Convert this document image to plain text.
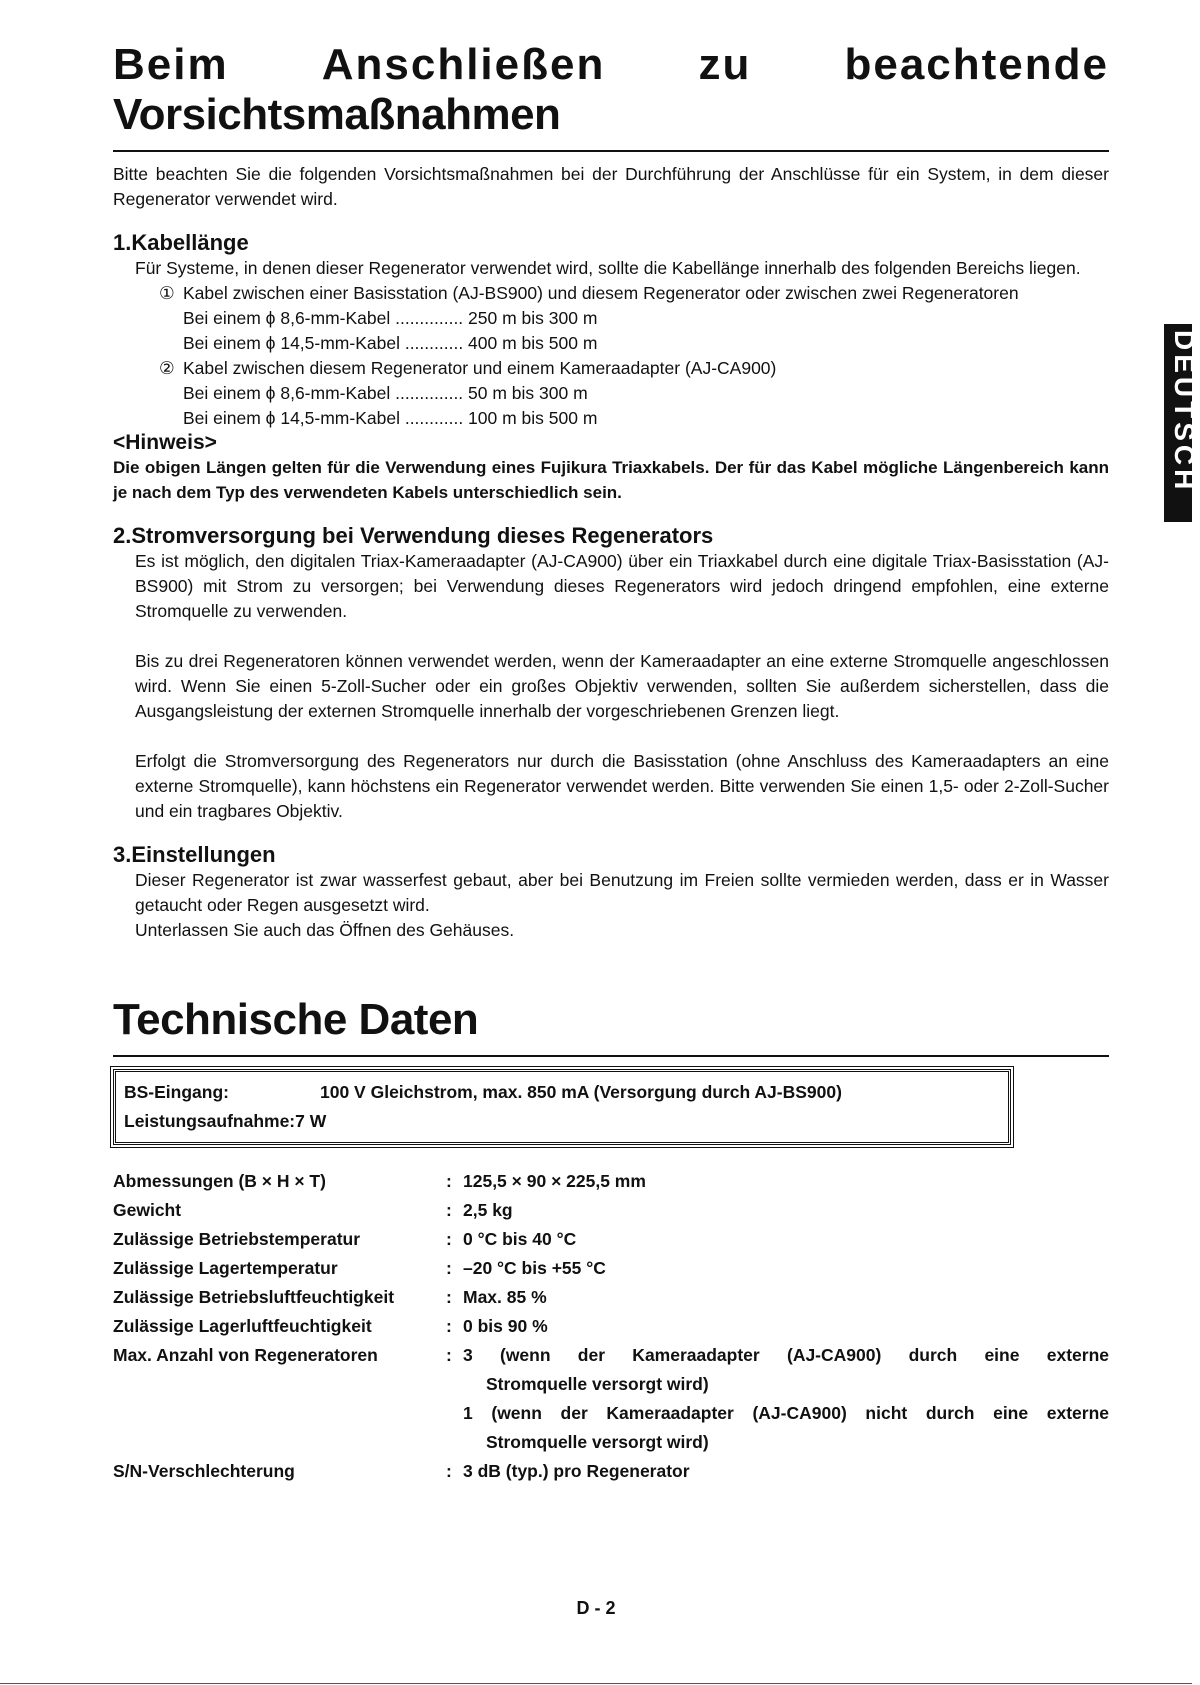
Beim Anschließen zu beachtende
Vorsichtsmaßnahmen

Bitte beachten Sie die folgenden Vorsichtsmaßnahmen bei der Durchführung der Anschlüsse für ein System, in dem dieser Regenerator verwendet wird.

1.Kabellänge

Für Systeme, in denen dieser Regenerator verwendet wird, sollte die Kabellänge innerhalb des folgenden Bereichs liegen.

① Kabel zwischen einer Basisstation (AJ-BS900) und diesem Regenerator oder zwischen zwei Regeneratoren
Bei einem ϕ 8,6-mm-Kabel .............. 250 m bis 300 m
Bei einem ϕ 14,5-mm-Kabel ............ 400 m bis 500 m
② Kabel zwischen diesem Regenerator und einem Kameraadapter (AJ-CA900)
Bei einem ϕ 8,6-mm-Kabel .............. 50 m bis 300 m
Bei einem ϕ 14,5-mm-Kabel ............ 100 m bis 500 m
<Hinweis>
Die obigen Längen gelten für die Verwendung eines Fujikura Triaxkabels. Der für das Kabel mögliche Längenbereich kann je nach dem Typ des verwendeten Kabels unterschiedlich sein.
2.Stromversorgung bei Verwendung dieses Regenerators

Es ist möglich, den digitalen Triax-Kameraadapter (AJ-CA900) über ein Triaxkabel durch eine digitale Triax-Basisstation (AJ-BS900) mit Strom zu versorgen; bei Verwendung dieses Regenerators wird jedoch dringend empfohlen, eine externe Stromquelle zu verwenden.

Bis zu drei Regeneratoren können verwendet werden, wenn der Kameraadapter an eine externe Stromquelle angeschlossen wird. Wenn Sie einen 5-Zoll-Sucher oder ein großes Objektiv verwenden, sollten Sie außerdem sicherstellen, dass die Ausgangsleistung der externen Stromquelle innerhalb der vorgeschriebenen Grenzen liegt.

Erfolgt die Stromversorgung des Regenerators nur durch die Basisstation (ohne Anschluss des Kameraadapters an eine externe Stromquelle), kann höchstens ein Regenerator verwendet werden. Bitte verwenden Sie einen 1,5- oder 2-Zoll-Sucher und ein tragbares Objektiv.

3.Einstellungen

Dieser Regenerator ist zwar wasserfest gebaut, aber bei Benutzung im Freien sollte vermieden werden, dass er in Wasser getaucht oder Regen ausgesetzt wird.

Unterlassen Sie auch das Öffnen des Gehäuses.

Technische Daten
BS-Eingang:	100 V Gleichstrom, max. 850 mA (Versorgung durch AJ-BS900)
Leistungsaufnahme: 7 W
Abmessungen (B × H × T)	: 125,5 × 90 × 225,5 mm
Gewicht	: 2,5 kg
Zulässige Betriebstemperatur	: 0 °C bis 40 °C
Zulässige Lagertemperatur	: –20 °C bis +55 °C
Zulässige Betriebsluftfeuchtigkeit	: Max. 85 %
Zulässige Lagerluftfeuchtigkeit	: 0 bis 90 %
Max. Anzahl von Regeneratoren	: 3 (wenn der Kameraadapter (AJ-CA900) durch eine externe
Stromquelle versorgt wird)
1 (wenn der Kameraadapter (AJ-CA900) nicht durch eine externe
Stromquelle versorgt wird)
S/N-Verschlechterung	: 3 dB (typ.) pro Regenerator
D - 2
DEUTSCH
